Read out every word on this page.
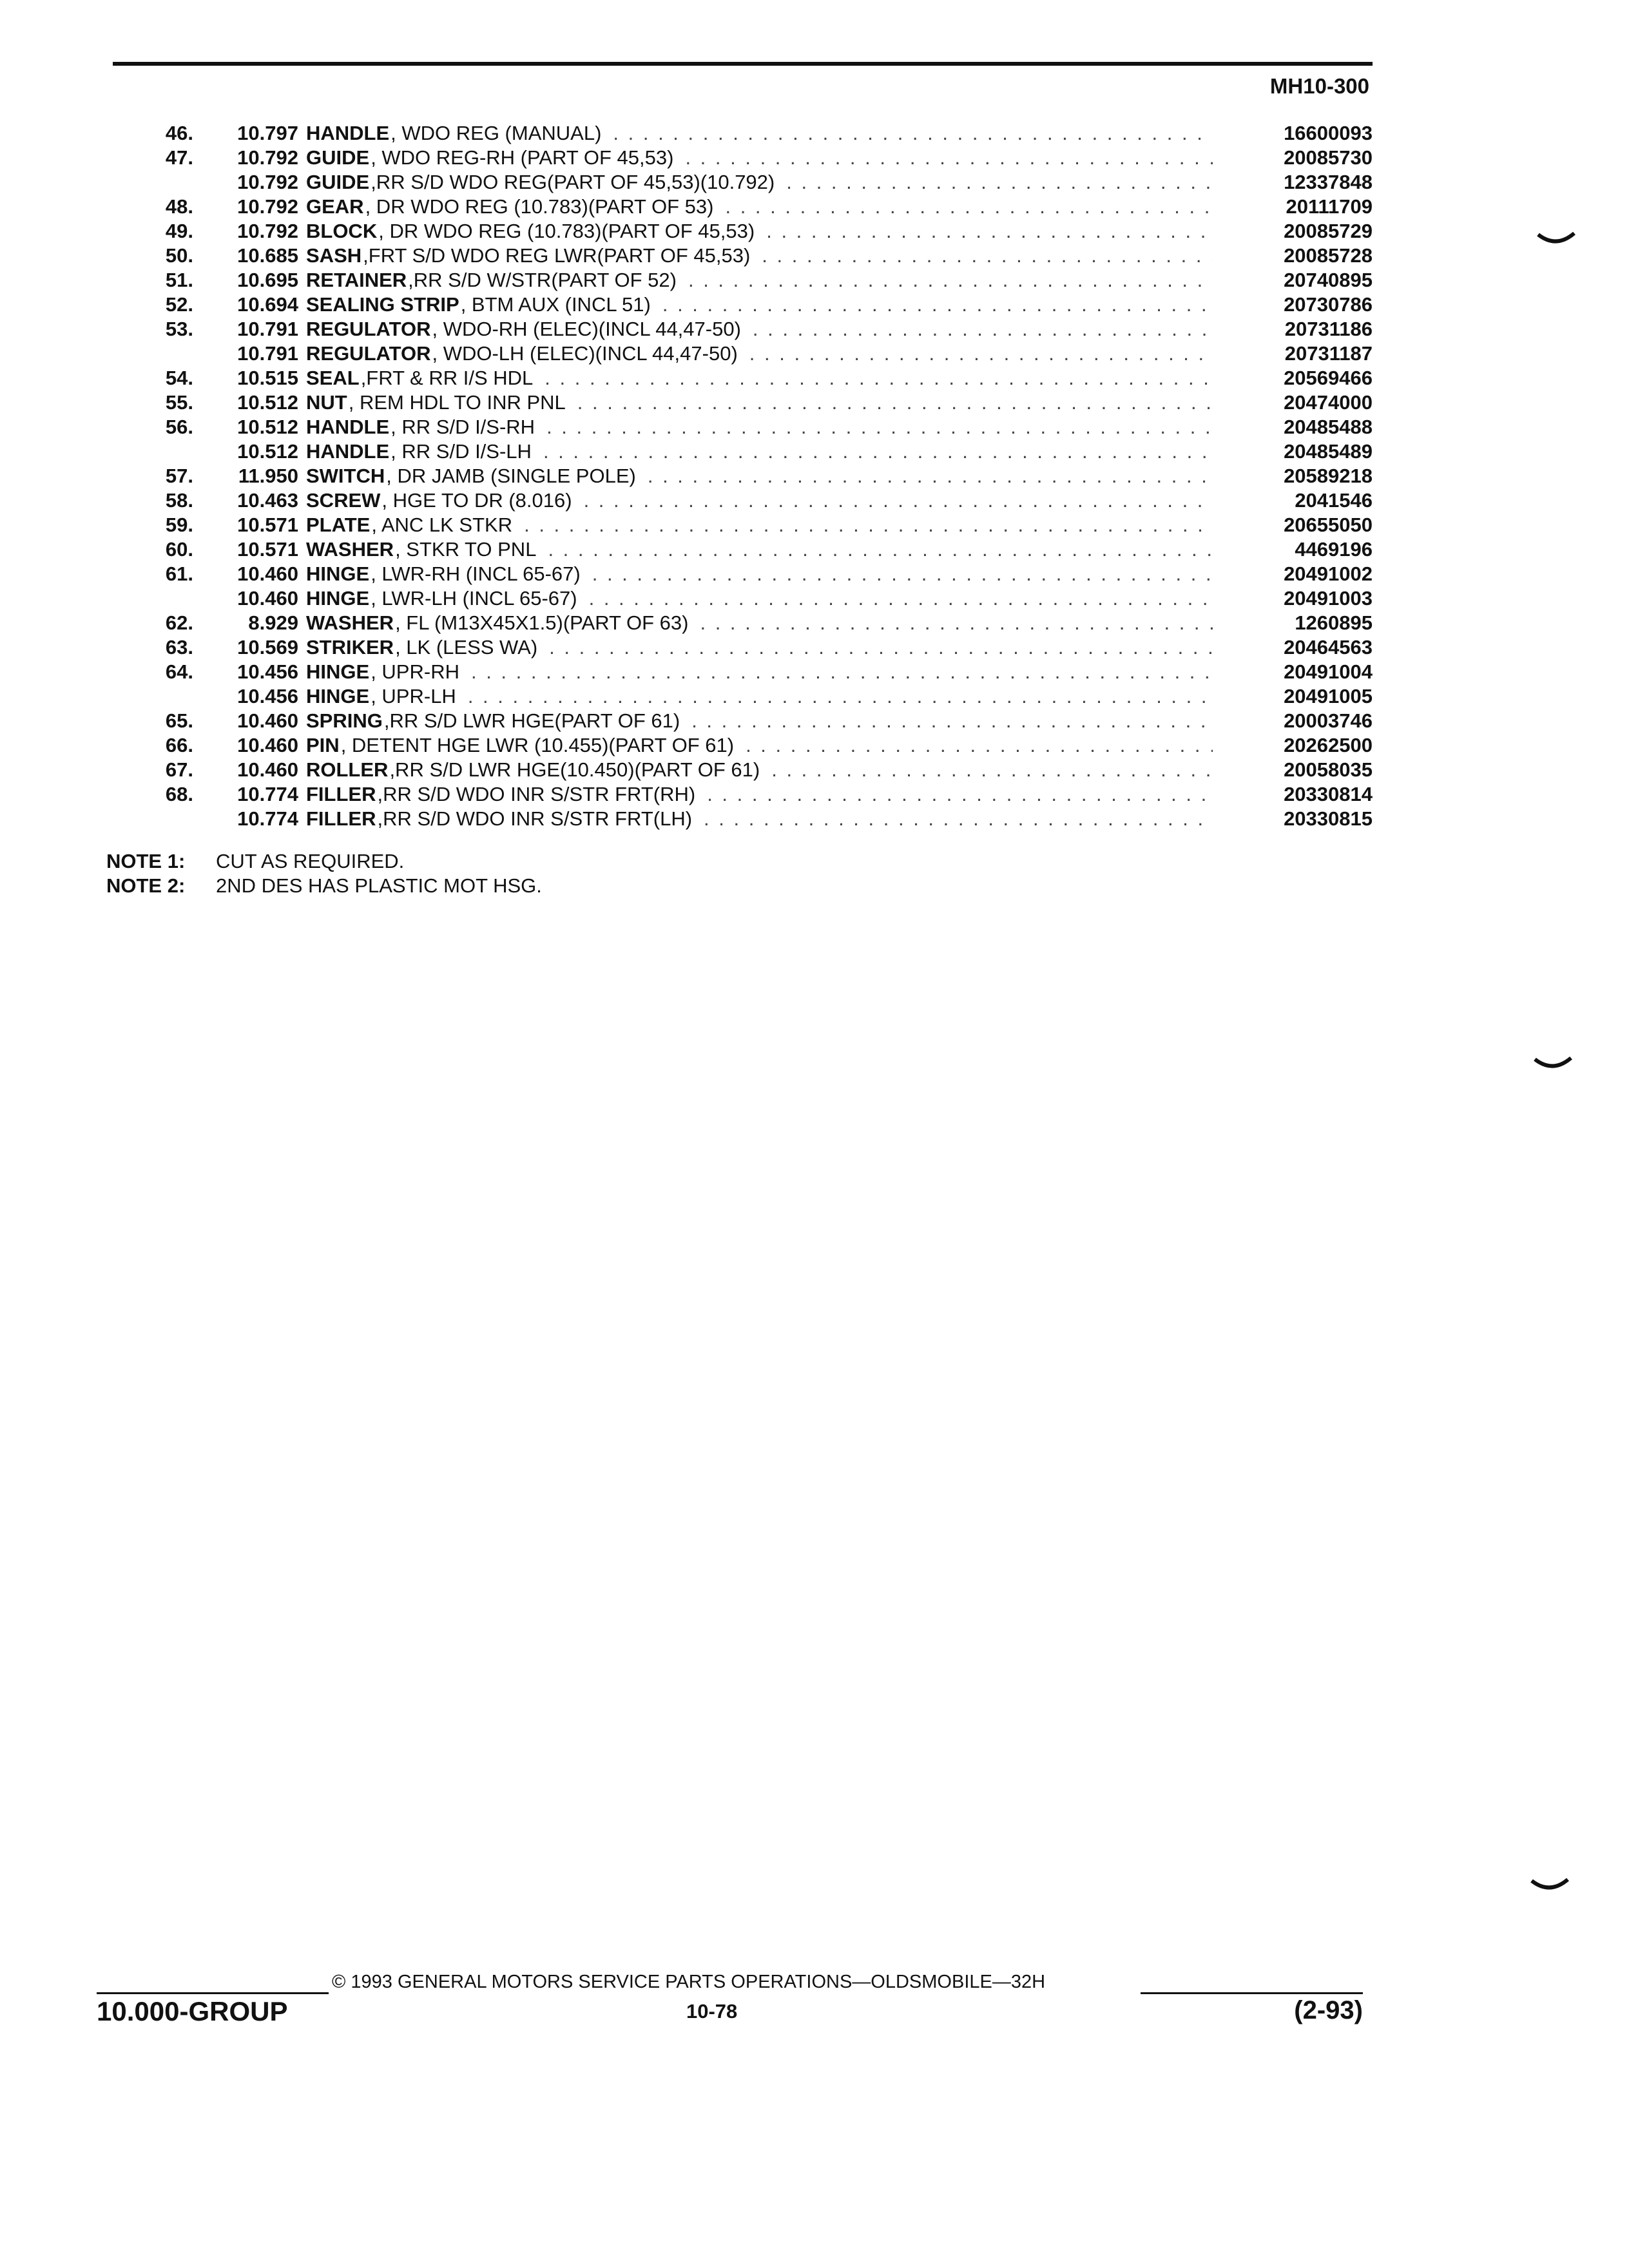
MH10-300
46.	10.797 HANDLE , WDO REG (MANUAL) . . .	16600093
47.	10.792 GUIDE , WDO REG-RH (PART OF 45,53) . . .	20085730
10.792 GUIDE ,RR S/D WDO REG(PART OF 45,53)(10.792) . . .	12337848
48.	10.792 GEAR , DR WDO REG (10.783)(PART OF 53) . . .	20111709
49.	10.792 BLOCK , DR WDO REG (10.783)(PART OF 45,53) . . .	20085729
50.	10.685 SASH ,FRT S/D WDO REG LWR(PART OF 45,53) . . .	20085728
51.	10.695 RETAINER ,RR S/D W/STR(PART OF 52) . . .	20740895
52.	10.694 SEALING STRIP , BTM AUX (INCL 51) . . .	20730786
53.	10.791 REGULATOR , WDO-RH (ELEC)(INCL 44,47-50) . . .	20731186
10.791 REGULATOR , WDO-LH (ELEC)(INCL 44,47-50) . . .	20731187
54.	10.515 SEAL ,FRT & RR I/S HDL . . .	20569466
55.	10.512 NUT , REM HDL TO INR PNL . . .	20474000
56.	10.512 HANDLE , RR S/D I/S-RH . . .	20485488
10.512 HANDLE , RR S/D I/S-LH . . .	20485489
57.	11.950 SWITCH , DR JAMB (SINGLE POLE) . . .	20589218
58.	10.463 SCREW , HGE TO DR (8.016) . . .	2041546
59.	10.571 PLATE , ANC LK STKR . . .	20655050
60.	10.571 WASHER , STKR TO PNL . . .	4469196
61.	10.460 HINGE , LWR-RH (INCL 65-67) . . .	20491002
10.460 HINGE , LWR-LH (INCL 65-67) . . .	20491003
62.	8.929 WASHER , FL (M13X45X1.5)(PART OF 63) . . .	1260895
63.	10.569 STRIKER , LK (LESS WA) . . .	20464563
64.	10.456 HINGE , UPR-RH . . .	20491004
10.456 HINGE , UPR-LH . . .	20491005
65.	10.460 SPRING ,RR S/D LWR HGE(PART OF 61) . . .	20003746
66.	10.460 PIN , DETENT HGE LWR (10.455)(PART OF 61) . . .	20262500
67.	10.460 ROLLER ,RR S/D LWR HGE(10.450)(PART OF 61) . . .	20058035
68.	10.774 FILLER ,RR S/D WDO INR S/STR FRT(RH) . . .	20330814
10.774 FILLER ,RR S/D WDO INR S/STR FRT(LH) . . .	20330815
NOTE 1:	CUT AS REQUIRED.
NOTE 2:	2ND DES HAS PLASTIC MOT HSG.
© 1993 GENERAL MOTORS SERVICE PARTS OPERATIONS—OLDSMOBILE—32H
10.000-GROUP	10-78	(2-93)
